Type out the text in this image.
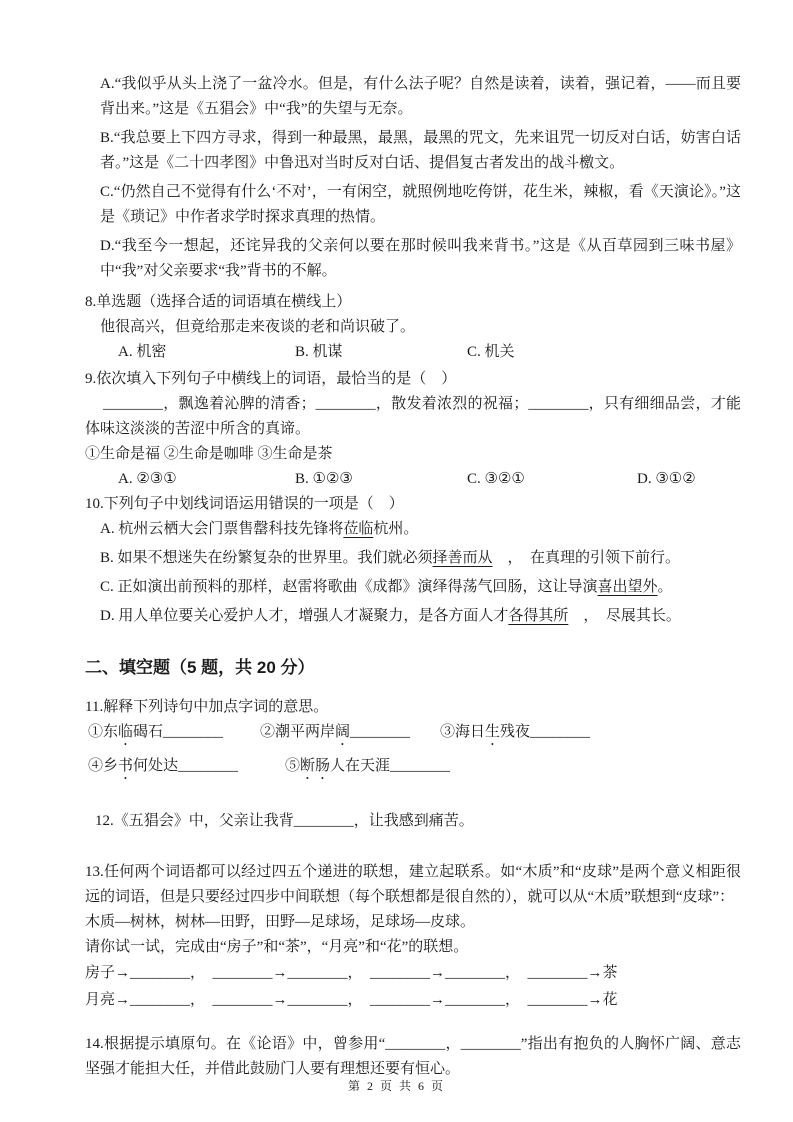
A.“我似乎从头上浇了一盆冷水。但是，有什么法子呢？自然是读着，读着，强记着，——而且要背出来。”这是《五猖会》中“我”的失望与无奈。

B.“我总要上下四方寻求，得到一种最黑，最黑，最黑的咒文，先来诅咒一切反对白话，妨害白话者。”这是《二十四孝图》中鲁迅对当时反对白话、提倡复古者发出的战斗檄文。

C.“仍然自己不觉得有什么‘不对’，一有闲空，就照例地吃侉饼，花生米，辣椒，看《天演论》。”这是《琐记》中作者求学时探求真理的热情。

D.“我至今一想起，还诧异我的父亲何以要在那时候叫我来背书。”这是《从百草园到三味书屋》中“我”对父亲要求“我”背书的不解。

8.单选题（选择合适的词语填在横线上）

他很高兴，但竟给那走来夜谈的老和尚识破了。

A. 机密	B. 机谋	C. 机关

9.依次填入下列句子中横线上的词语，最恰当的是（　）

________，飘逸着沁脾的清香；________，散发着浓烈的祝福；________，只有细细品尝，才能体味这淡淡的苦涩中所含的真谛。

①生命是福 ②生命是咖啡 ③生命是茶

A. ②③①	B. ①②③	C. ③②①	D. ③①②

10.下列句子中划线词语运用错误的一项是（　）

A. 杭州云栖大会门票售罄科技先锋将莅临杭州。

B. 如果不想迷失在纷繁复杂的世界里。我们就必须择善而从　，　在真理的引领下前行。

C. 正如演出前预料的那样，赵雷将歌曲《成都》演绎得荡气回肠，这让导演喜出望外。

D. 用人单位要关心爱护人才，增强人才凝聚力，是各方面人才各得其所　，　尽展其长。

二、填空题（5 题，共 20 分）

11.解释下列诗句中加点字词的意思。

①东临碣石________	②潮平两岸阔________	③海日生残夜________
④乡书何处达________	⑤断肠人在天涯________

12.《五猖会》中，父亲让我背________，让我感到痛苦。

13.任何两个词语都可以经过四五个递进的联想，建立起联系。如“木质”和“皮球”是两个意义相距很远的词语，但是只要经过四步中间联想（每个联想都是很自然的），就可以从“木质”联想到“皮球”：

木质—树林，树林—田野，田野—足球场，足球场—皮球。

请你试一试，完成由“房子”和“茶”，“月亮”和“花”的联想。

房子→________，　________→________，　________→________，　________→茶

月亮→________，　________→________，　________→________，　________→花

14.根据提示填原句。在《论语》中，曾参用“________，________”指出有抱负的人胸怀广阔、意志坚强才能担大任，并借此鼓励门人要有理想还要有恒心。

第 2 页 共 6 页
